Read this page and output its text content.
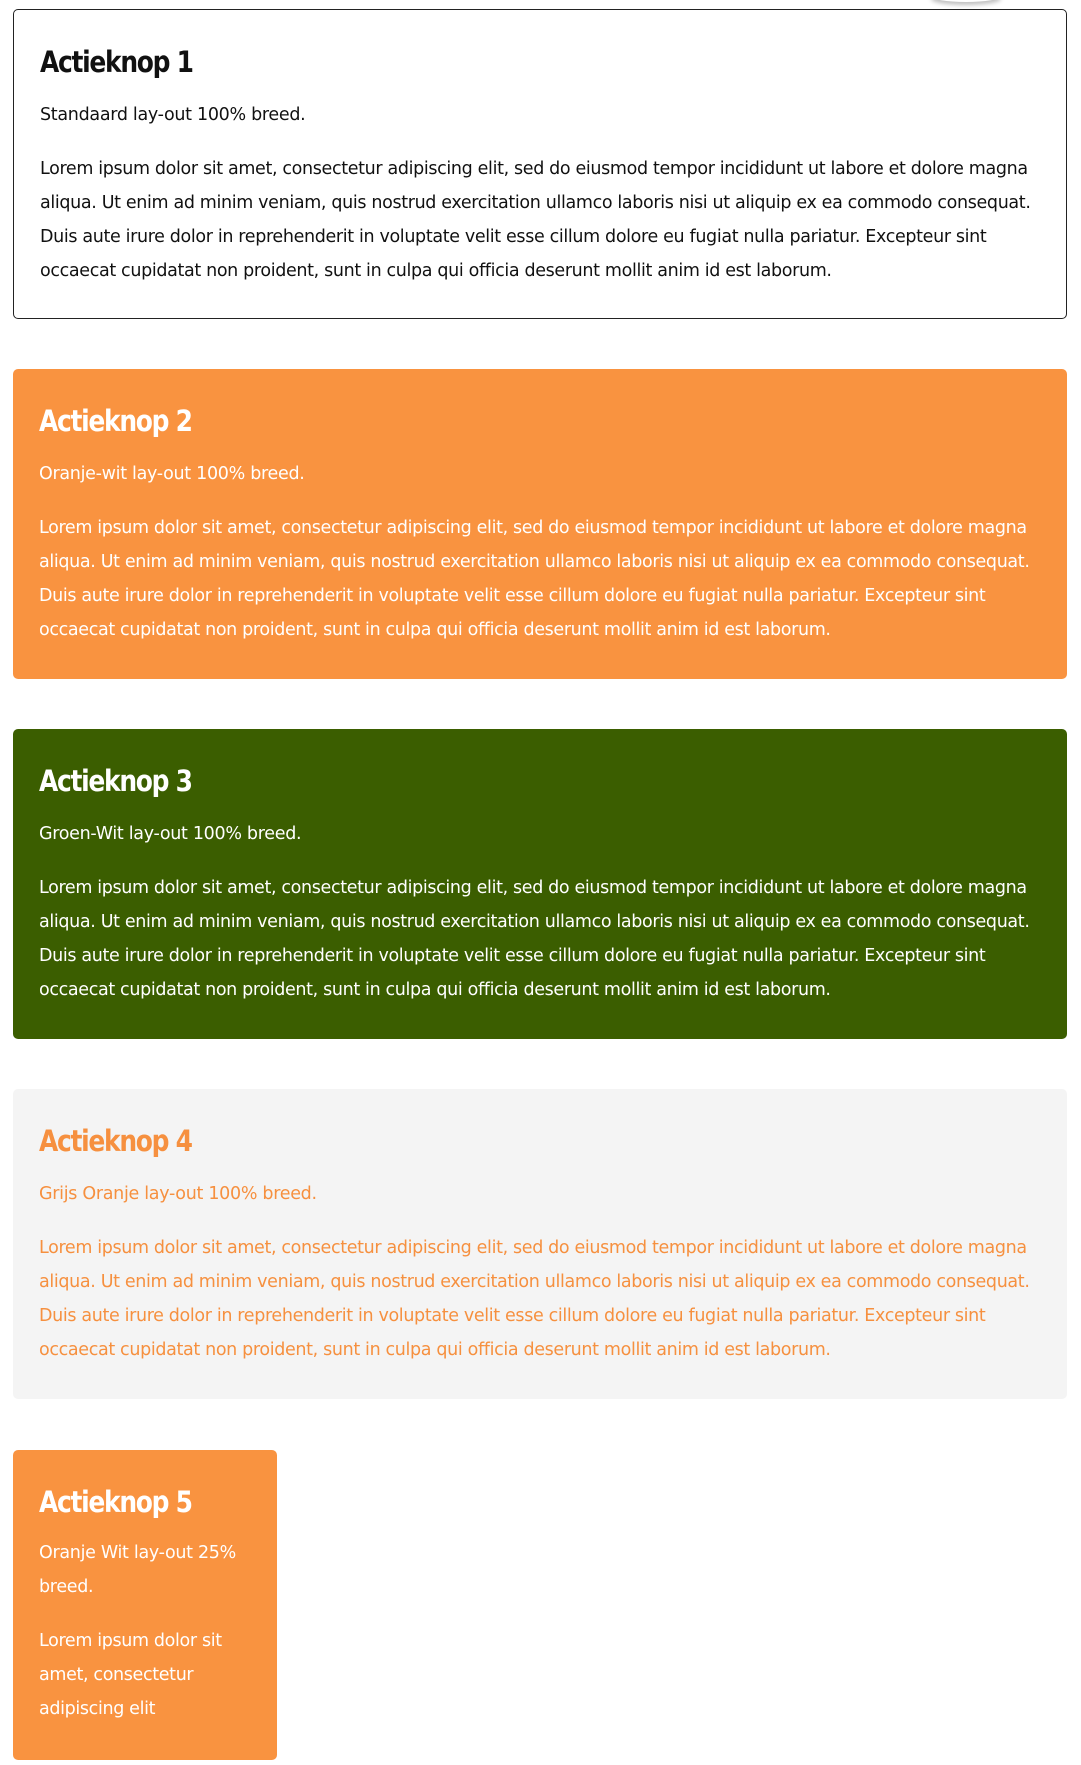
Actieknop 1

Standaard lay-out 100% breed.

Lorem ipsum dolor sit amet, consectetur adipiscing elit, sed do eiusmod tempor incididunt ut labore et dolore magna aliqua. Ut enim ad minim veniam, quis nostrud exercitation ullamco laboris nisi ut aliquip ex ea commodo consequat. Duis aute irure dolor in reprehenderit in voluptate velit esse cillum dolore eu fugiat nulla pariatur. Excepteur sint occaecat cupidatat non proident, sunt in culpa qui officia deserunt mollit anim id est laborum.

Actieknop 2

Oranje-wit lay-out 100% breed.

Lorem ipsum dolor sit amet, consectetur adipiscing elit, sed do eiusmod tempor incididunt ut labore et dolore magna aliqua. Ut enim ad minim veniam, quis nostrud exercitation ullamco laboris nisi ut aliquip ex ea commodo consequat. Duis aute irure dolor in reprehenderit in voluptate velit esse cillum dolore eu fugiat nulla pariatur. Excepteur sint occaecat cupidatat non proident, sunt in culpa qui officia deserunt mollit anim id est laborum.

Actieknop 3

Groen-Wit lay-out 100% breed.

Lorem ipsum dolor sit amet, consectetur adipiscing elit, sed do eiusmod tempor incididunt ut labore et dolore magna aliqua. Ut enim ad minim veniam, quis nostrud exercitation ullamco laboris nisi ut aliquip ex ea commodo consequat. Duis aute irure dolor in reprehenderit in voluptate velit esse cillum dolore eu fugiat nulla pariatur. Excepteur sint occaecat cupidatat non proident, sunt in culpa qui officia deserunt mollit anim id est laborum.

Actieknop 4

Grijs Oranje lay-out 100% breed.

Lorem ipsum dolor sit amet, consectetur adipiscing elit, sed do eiusmod tempor incididunt ut labore et dolore magna aliqua. Ut enim ad minim veniam, quis nostrud exercitation ullamco laboris nisi ut aliquip ex ea commodo consequat. Duis aute irure dolor in reprehenderit in voluptate velit esse cillum dolore eu fugiat nulla pariatur. Excepteur sint occaecat cupidatat non proident, sunt in culpa qui officia deserunt mollit anim id est laborum.

Actieknop 5

Oranje Wit lay-out 25% breed.

Lorem ipsum dolor sit amet, consectetur adipiscing elit
